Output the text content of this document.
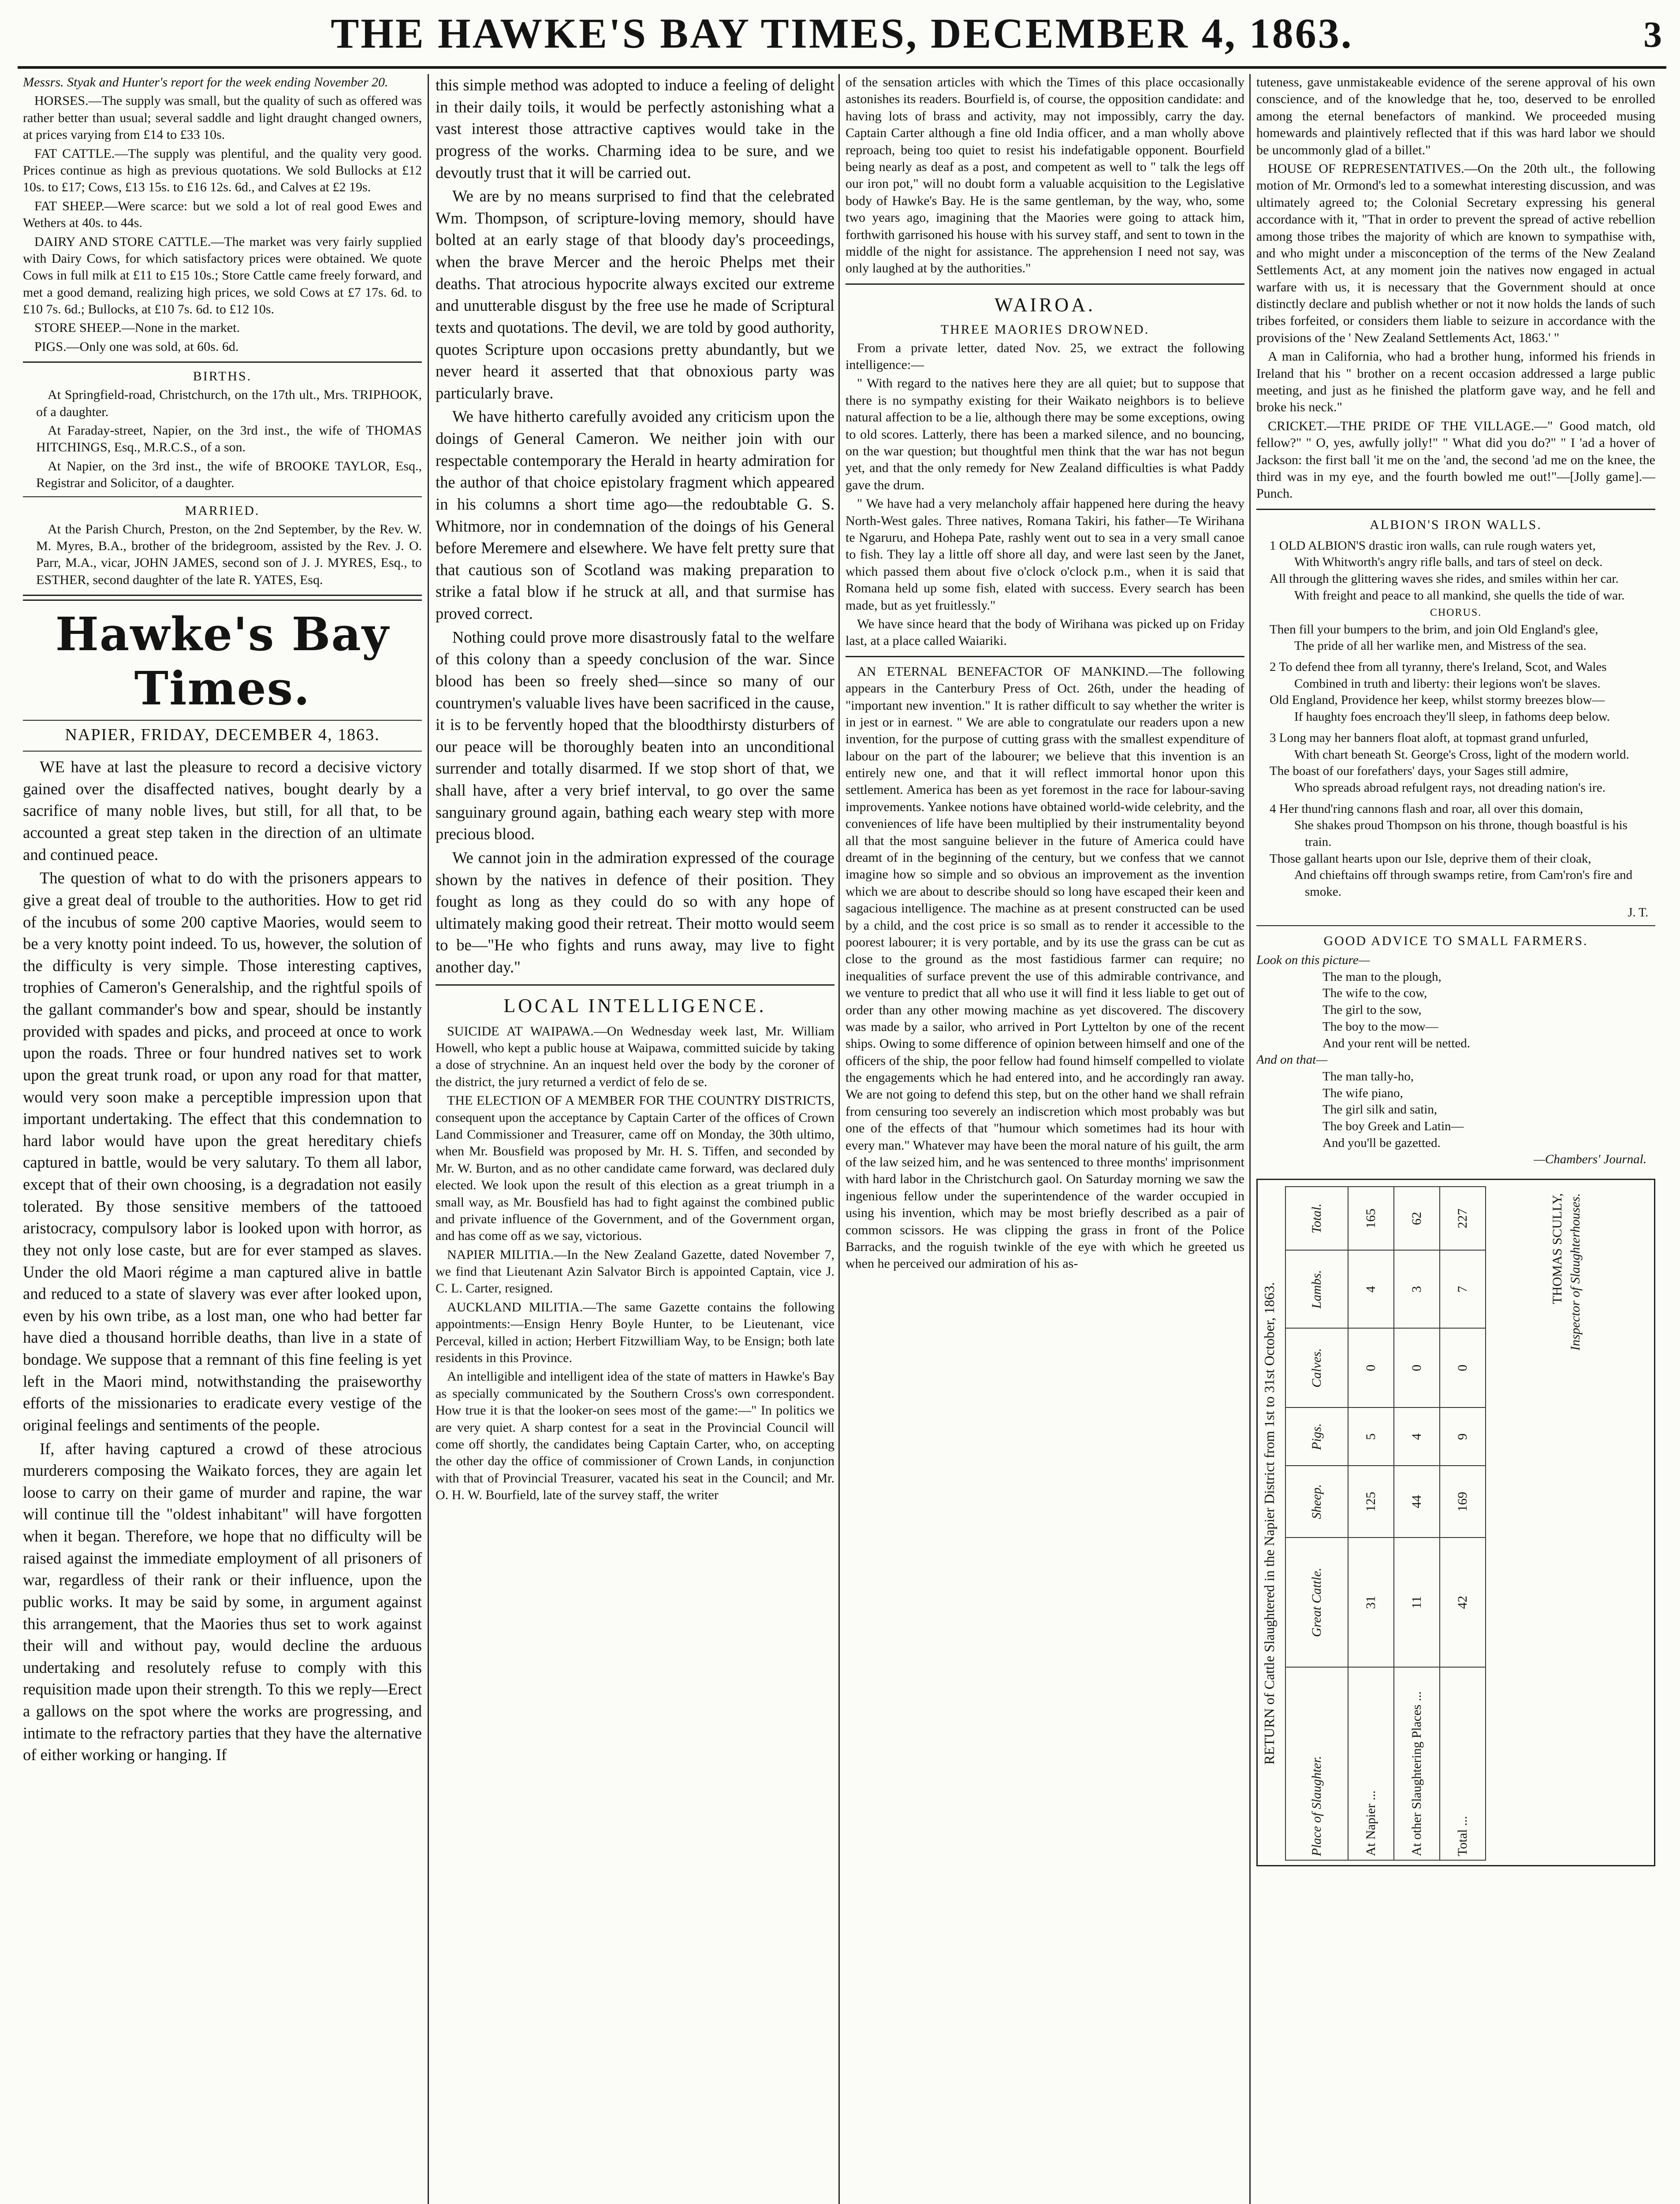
THE HAWKE'S BAY TIMES, DECEMBER 4, 1863.	3

Messrs. Styak and Hunter's report for the week ending November 20.

HORSES.—The supply was small, but the quality of such as offered was rather better than usual; several saddle and light draught changed owners, at prices varying from £14 to £33 10s.

FAT CATTLE.—The supply was plentiful, and the quality very good. Prices continue as high as previous quotations. We sold Bullocks at £12 10s. to £17; Cows, £13 15s. to £16 12s. 6d., and Calves at £2 19s.

FAT SHEEP.—Were scarce: but we sold a lot of real good Ewes and Wethers at 40s. to 44s.

DAIRY AND STORE CATTLE.—The market was very fairly supplied with Dairy Cows, for which satisfactory prices were obtained. We quote Cows in full milk at £11 to £15 10s.; Store Cattle came freely forward, and met a good demand, realizing high prices, we sold Cows at £7 17s. 6d. to £10 7s. 6d.; Bullocks, at £10 7s. 6d. to £12 10s.

STORE SHEEP.—None in the market.

PIGS.—Only one was sold, at 60s. 6d.

BIRTHS.

At Springfield-road, Christchurch, on the 17th ult., Mrs. TRIPHOOK, of a daughter.

At Faraday-street, Napier, on the 3rd inst., the wife of THOMAS HITCHINGS, Esq., M.R.C.S., of a son.

At Napier, on the 3rd inst., the wife of BROOKE TAYLOR, Esq., Registrar and Solicitor, of a daughter.

MARRIED.

At the Parish Church, Preston, on the 2nd September, by the Rev. W. M. Myres, B.A., brother of the bridegroom, assisted by the Rev. J. O. Parr, M.A., vicar, JOHN JAMES, second son of J. J. MYRES, Esq., to ESTHER, second daughter of the late R. YATES, Esq.

Hawke's Bay Times.
NAPIER, FRIDAY, DECEMBER 4, 1863.

WE have at last the pleasure to record a decisive victory gained over the disaffected natives, bought dearly by a sacrifice of many noble lives, but still, for all that, to be accounted a great step taken in the direction of an ultimate and continued peace.

The question of what to do with the prisoners appears to give a great deal of trouble to the authorities. How to get rid of the incubus of some 200 captive Maories, would seem to be a very knotty point indeed. To us, however, the solution of the difficulty is very simple. Those interesting captives, trophies of Cameron's Generalship, and the rightful spoils of the gallant commander's bow and spear, should be instantly provided with spades and picks, and proceed at once to work upon the roads. Three or four hundred natives set to work upon the great trunk road, or upon any road for that matter, would very soon make a perceptible impression upon that important undertaking. The effect that this condemnation to hard labor would have upon the great hereditary chiefs captured in battle, would be very salutary. To them all labor, except that of their own choosing, is a degradation not easily tolerated. By those sensitive members of the tattooed aristocracy, compulsory labor is looked upon with horror, as they not only lose caste, but are for ever stamped as slaves. Under the old Maori régime a man captured alive in battle and reduced to a state of slavery was ever after looked upon, even by his own tribe, as a lost man, one who had better far have died a thousand horrible deaths, than live in a state of bondage. We suppose that a remnant of this fine feeling is yet left in the Maori mind, notwithstanding the praiseworthy efforts of the missionaries to eradicate every vestige of the original feelings and sentiments of the people.

If, after having captured a crowd of these atrocious murderers composing the Waikato forces, they are again let loose to carry on their game of murder and rapine, the war will continue till the "oldest inhabitant" will have forgotten when it began. Therefore, we hope that no difficulty will be raised against the immediate employment of all prisoners of war, regardless of their rank or their influence, upon the public works. It may be said by some, in argument against this arrangement, that the Maories thus set to work against their will and without pay, would decline the arduous undertaking and resolutely refuse to comply with this requisition made upon their strength. To this we reply—Erect a gallows on the spot where the works are progressing, and intimate to the refractory parties that they have the alternative of either working or hanging. If

this simple method was adopted to induce a feeling of delight in their daily toils, it would be perfectly astonishing what a vast interest those attractive captives would take in the progress of the works. Charming idea to be sure, and we devoutly trust that it will be carried out.

We are by no means surprised to find that the celebrated Wm. Thompson, of scripture-loving memory, should have bolted at an early stage of that bloody day's proceedings, when the brave Mercer and the heroic Phelps met their deaths. That atrocious hypocrite always excited our extreme and unutterable disgust by the free use he made of Scriptural texts and quotations. The devil, we are told by good authority, quotes Scripture upon occasions pretty abundantly, but we never heard it asserted that that obnoxious party was particularly brave.

We have hitherto carefully avoided any criticism upon the doings of General Cameron. We neither join with our respectable contemporary the Herald in hearty admiration for the author of that choice epistolary fragment which appeared in his columns a short time ago—the redoubtable G. S. Whitmore, nor in condemnation of the doings of his General before Meremere and elsewhere. We have felt pretty sure that that cautious son of Scotland was making preparation to strike a fatal blow if he struck at all, and that surmise has proved correct.

Nothing could prove more disastrously fatal to the welfare of this colony than a speedy conclusion of the war. Since blood has been so freely shed—since so many of our countrymen's valuable lives have been sacrificed in the cause, it is to be fervently hoped that the bloodthirsty disturbers of our peace will be thoroughly beaten into an unconditional surrender and totally disarmed. If we stop short of that, we shall have, after a very brief interval, to go over the same sanguinary ground again, bathing each weary step with more precious blood.

We cannot join in the admiration expressed of the courage shown by the natives in defence of their position. They fought as long as they could do so with any hope of ultimately making good their retreat. Their motto would seem to be—"He who fights and runs away, may live to fight another day."

LOCAL INTELLIGENCE.

SUICIDE AT WAIPAWA.—On Wednesday week last, Mr. William Howell, who kept a public house at Waipawa, committed suicide by taking a dose of strychnine. An an inquest held over the body by the coroner of the district, the jury returned a verdict of felo de se.

THE ELECTION OF A MEMBER FOR THE COUNTRY DISTRICTS, consequent upon the acceptance by Captain Carter of the offices of Crown Land Commissioner and Treasurer, came off on Monday, the 30th ultimo, when Mr. Bousfield was proposed by Mr. H. S. Tiffen, and seconded by Mr. W. Burton, and as no other candidate came forward, was declared duly elected. We look upon the result of this election as a great triumph in a small way, as Mr. Bousfield has had to fight against the combined public and private influence of the Government, and of the Government organ, and has come off as we say, victorious.

NAPIER MILITIA.—In the New Zealand Gazette, dated November 7, we find that Lieutenant Azin Salvator Birch is appointed Captain, vice J. C. L. Carter, resigned.

AUCKLAND MILITIA.—The same Gazette contains the following appointments:—Ensign Henry Boyle Hunter, to be Lieutenant, vice Perceval, killed in action; Herbert Fitzwilliam Way, to be Ensign; both late residents in this Province.

An intelligible and intelligent idea of the state of matters in Hawke's Bay as specially communicated by the Southern Cross's own correspondent. How true it is that the looker-on sees most of the game:—" In politics we are very quiet. A sharp contest for a seat in the Provincial Council will come off shortly, the candidates being Captain Carter, who, on accepting the other day the office of commissioner of Crown Lands, in conjunction with that of Provincial Treasurer, vacated his seat in the Council; and Mr. O. H. W. Bourfield, late of the survey staff, the writer

of the sensation articles with which the Times of this place occasionally astonishes its readers. Bourfield is, of course, the opposition candidate: and having lots of brass and activity, may not impossibly, carry the day. Captain Carter although a fine old India officer, and a man wholly above reproach, being too quiet to resist his indefatigable opponent. Bourfield being nearly as deaf as a post, and competent as well to " talk the legs off our iron pot," will no doubt form a valuable acquisition to the Legislative body of Hawke's Bay. He is the same gentleman, by the way, who, some two years ago, imagining that the Maories were going to attack him, forthwith garrisoned his house with his survey staff, and sent to town in the middle of the night for assistance. The apprehension I need not say, was only laughed at by the authorities."

WAIROA.
THREE MAORIES DROWNED.

From a private letter, dated Nov. 25, we extract the following intelligence:—

" With regard to the natives here they are all quiet; but to suppose that there is no sympathy existing for their Waikato neighbors is to believe natural affection to be a lie, although there may be some exceptions, owing to old scores. Latterly, there has been a marked silence, and no bouncing, on the war question; but thoughtful men think that the war has not begun yet, and that the only remedy for New Zealand difficulties is what Paddy gave the drum.

" We have had a very melancholy affair happened here during the heavy North-West gales. Three natives, Romana Takiri, his father—Te Wirihana te Ngaruru, and Hohepa Pate, rashly went out to sea in a very small canoe to fish. They lay a little off shore all day, and were last seen by the Janet, which passed them about five o'clock o'clock p.m., when it is said that Romana held up some fish, elated with success. Every search has been made, but as yet fruitlessly."

We have since heard that the body of Wirihana was picked up on Friday last, at a place called Waiariki.

AN ETERNAL BENEFACTOR OF MANKIND.—The following appears in the Canterbury Press of Oct. 26th, under the heading of "important new invention." It is rather difficult to say whether the writer is in jest or in earnest. " We are able to congratulate our readers upon a new invention, for the purpose of cutting grass with the smallest expenditure of labour on the part of the labourer; we believe that this invention is an entirely new one, and that it will reflect immortal honor upon this settlement. America has been as yet foremost in the race for labour-saving improvements. Yankee notions have obtained world-wide celebrity, and the conveniences of life have been multiplied by their instrumentality beyond all that the most sanguine believer in the future of America could have dreamt of in the beginning of the century, but we confess that we cannot imagine how so simple and so obvious an improvement as the invention which we are about to describe should so long have escaped their keen and sagacious intelligence. The machine as at present constructed can be used by a child, and the cost price is so small as to render it accessible to the poorest labourer; it is very portable, and by its use the grass can be cut as close to the ground as the most fastidious farmer can require; no inequalities of surface prevent the use of this admirable contrivance, and we venture to predict that all who use it will find it less liable to get out of order than any other mowing machine as yet discovered. The discovery was made by a sailor, who arrived in Port Lyttelton by one of the recent ships. Owing to some difference of opinion between himself and one of the officers of the ship, the poor fellow had found himself compelled to violate the engagements which he had entered into, and he accordingly ran away. We are not going to defend this step, but on the other hand we shall refrain from censuring too severely an indiscretion which most probably was but one of the effects of that "humour which sometimes had its hour with every man." Whatever may have been the moral nature of his guilt, the arm of the law seized him, and he was sentenced to three months' imprisonment with hard labor in the Christchurch gaol. On Saturday morning we saw the ingenious fellow under the superintendence of the warder occupied in using his invention, which may be most briefly described as a pair of common scissors. He was clipping the grass in front of the Police Barracks, and the roguish twinkle of the eye with which he greeted us when he perceived our admiration of his as-

tuteness, gave unmistakeable evidence of the serene approval of his own conscience, and of the knowledge that he, too, deserved to be enrolled among the eternal benefactors of mankind. We proceeded musing homewards and plaintively reflected that if this was hard labor we should be uncommonly glad of a billet."

HOUSE OF REPRESENTATIVES.—On the 20th ult., the following motion of Mr. Ormond's led to a somewhat interesting discussion, and was ultimately agreed to; the Colonial Secretary expressing his general accordance with it, "That in order to prevent the spread of active rebellion among those tribes the majority of which are known to sympathise with, and who might under a misconception of the terms of the New Zealand Settlements Act, at any moment join the natives now engaged in actual warfare with us, it is necessary that the Government should at once distinctly declare and publish whether or not it now holds the lands of such tribes forfeited, or considers them liable to seizure in accordance with the provisions of the ' New Zealand Settlements Act, 1863.' "

A man in California, who had a brother hung, informed his friends in Ireland that his " brother on a recent occasion addressed a large public meeting, and just as he finished the platform gave way, and he fell and broke his neck."

CRICKET.—THE PRIDE OF THE VILLAGE.—" Good match, old fellow?" " O, yes, awfully jolly!" " What did you do?" " I 'ad a hover of Jackson: the first ball 'it me on the 'and, the second 'ad me on the knee, the third was in my eye, and the fourth bowled me out!"—[Jolly game].—Punch.

ALBION'S IRON WALLS.
1 OLD ALBION'S drastic iron walls, can rule rough waters yet,
With Whitworth's angry rifle balls, and tars of steel on deck.
All through the glittering waves she rides, and smiles within her car.
With freight and peace to all mankind, she quells the tide of war.
CHORUS.
Then fill your bumpers to the brim, and join Old England's glee,
The pride of all her warlike men, and Mistress of the sea.
2 To defend thee from all tyranny, there's Ireland, Scot, and Wales
Combined in truth and liberty: their legions won't be slaves.
Old England, Providence her keep, whilst stormy breezes blow—
If haughty foes encroach they'll sleep, in fathoms deep below.
3 Long may her banners float aloft, at topmast grand unfurled,
With chart beneath St. George's Cross, light of the modern world.
The boast of our forefathers' days, your Sages still admire,
Who spreads abroad refulgent rays, not dreading nation's ire.
4 Her thund'ring cannons flash and roar, all over this domain,
She shakes proud Thompson on his throne, though boastful is his train.
Those gallant hearts upon our Isle, deprive them of their cloak,
And chieftains off through swamps retire, from Cam'ron's fire and smoke.
J. T.
GOOD ADVICE TO SMALL FARMERS.
Look on this picture—
The man to the plough,
The wife to the cow,
The girl to the sow,
The boy to the mow—
And your rent will be netted.
And on that—
The man tally-ho,
The wife piano,
The girl silk and satin,
The boy Greek and Latin—
And you'll be gazetted.
—Chambers' Journal.
RETURN of Cattle Slaughtered in the Napier District from 1st to 31st October, 1863.
Place of Slaughter.	Great Cattle.	Sheep.	Pigs.	Calves.	Lambs.	Total.
At Napier ...	31	125	5	0	4	165
At other Slaughtering Places ...	11	44	4	0	3	62
Total ...	42	169	9	0	7	227	THOMAS SCULLY, Inspector of Slaughterhouses.
